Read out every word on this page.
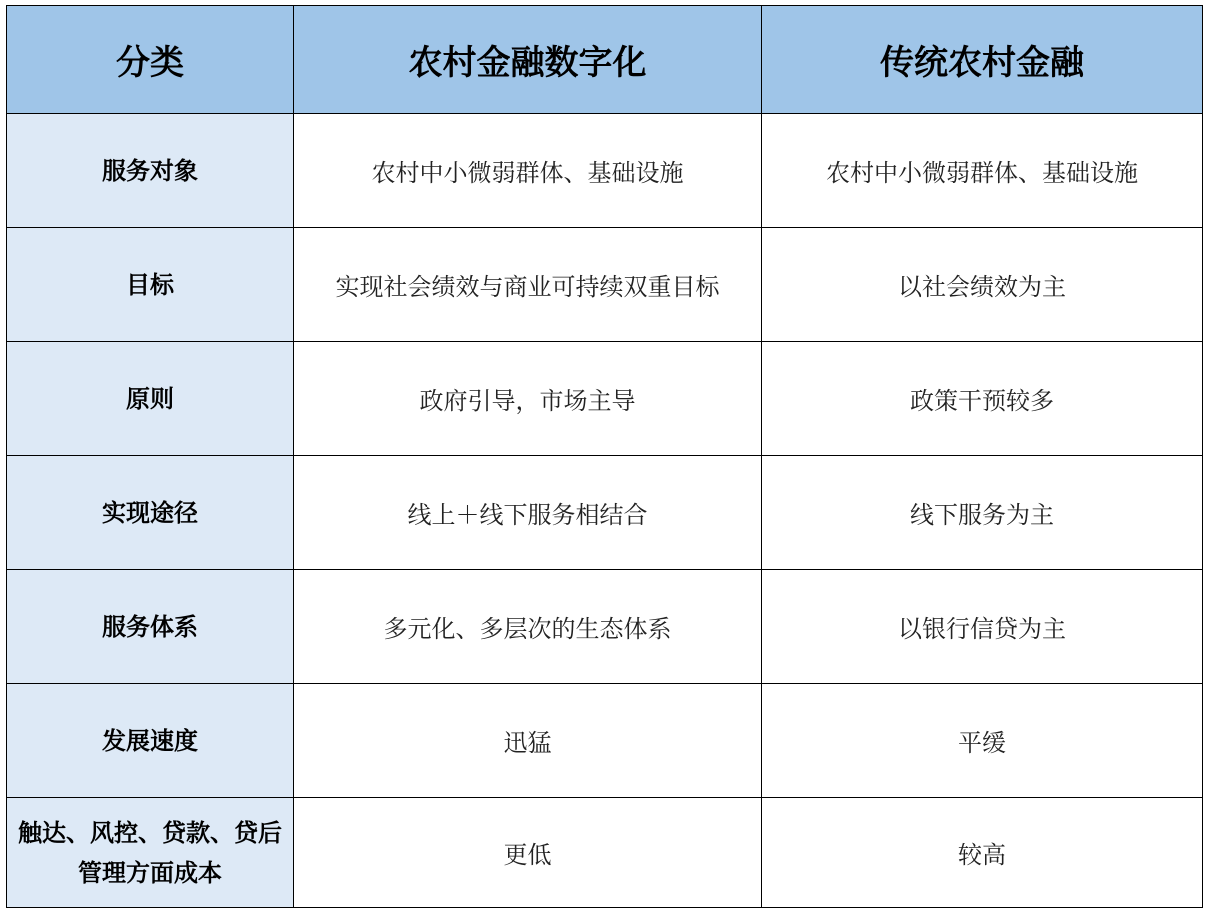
分类	农村金融数字化	传统农村金融
服务对象	农村中小微弱群体、基础设施	农村中小微弱群体、基础设施
目标	实现社会绩效与商业可持续双重目标	以社会绩效为主
原则	政府引导，市场主导	政策干预较多
实现途径	线上＋线下服务相结合	线下服务为主
服务体系	多元化、多层次的生态体系	以银行信贷为主
发展速度	迅猛	平缓
触达、风控、贷款、贷后管理方面成本	更低	较高
